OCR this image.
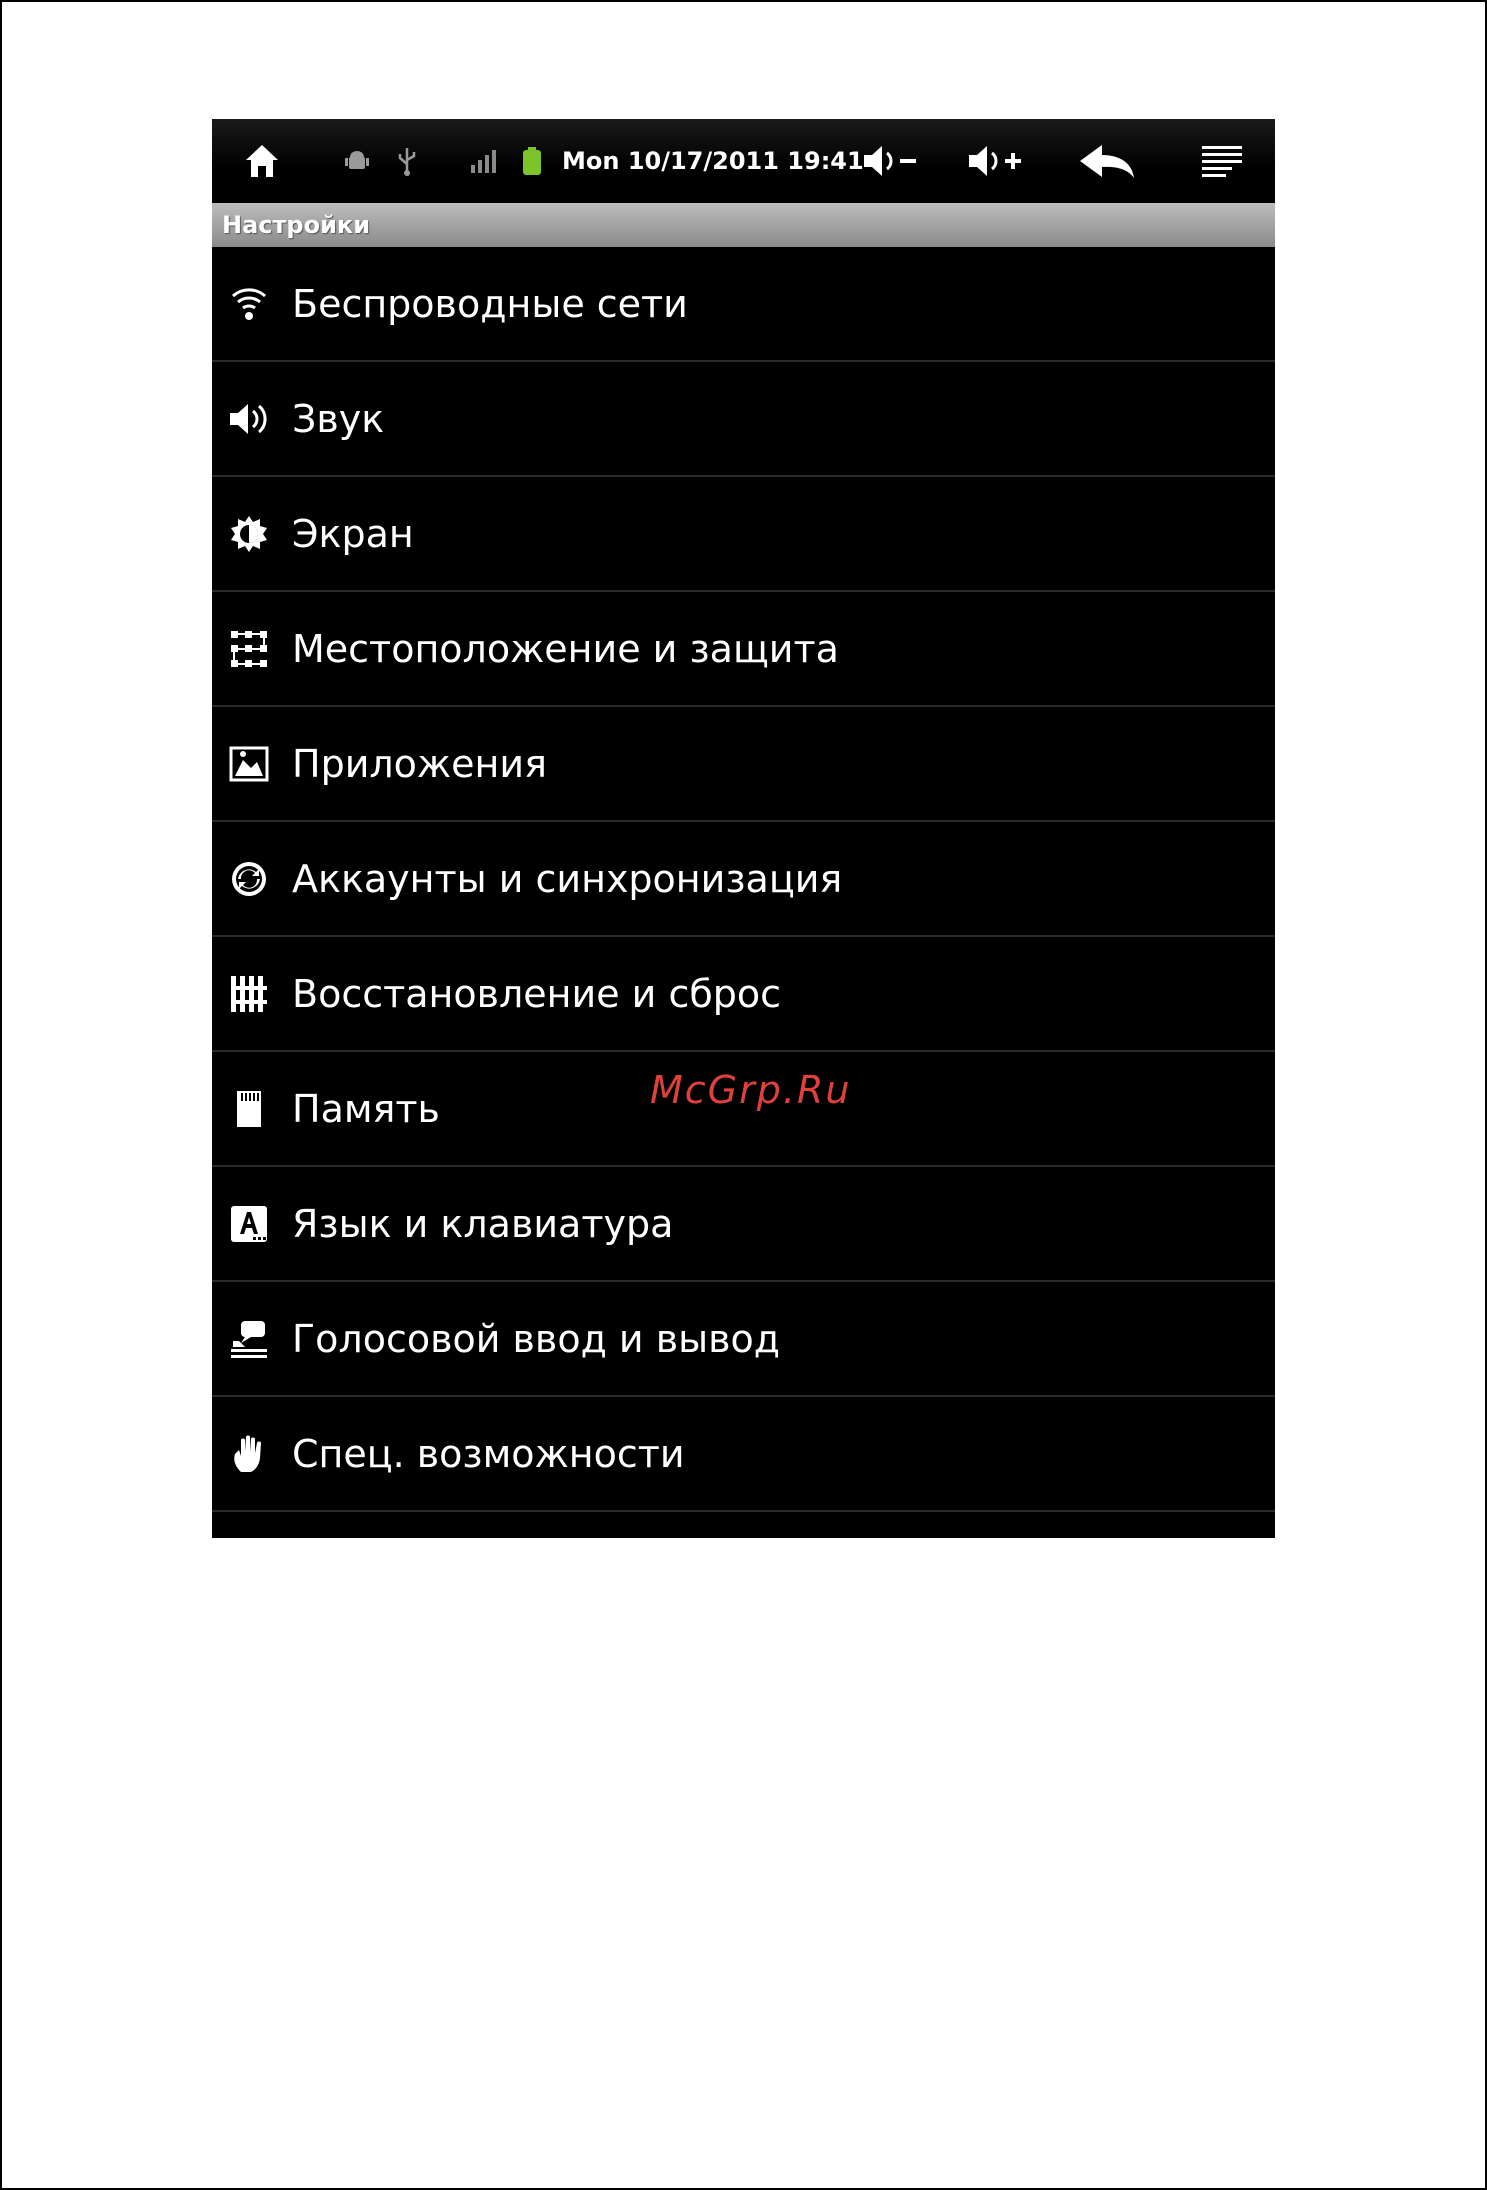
Mon 10/17/2011 19:41
Настройки
Беспроводные сети
Звук
Экран
Местоположение и защита
Приложения
Аккаунты и синхронизация
Восстановление и сброс
Память
Язык и клавиатура
Голосовой ввод и вывод
Спец. возможности
McGrp.Ru
